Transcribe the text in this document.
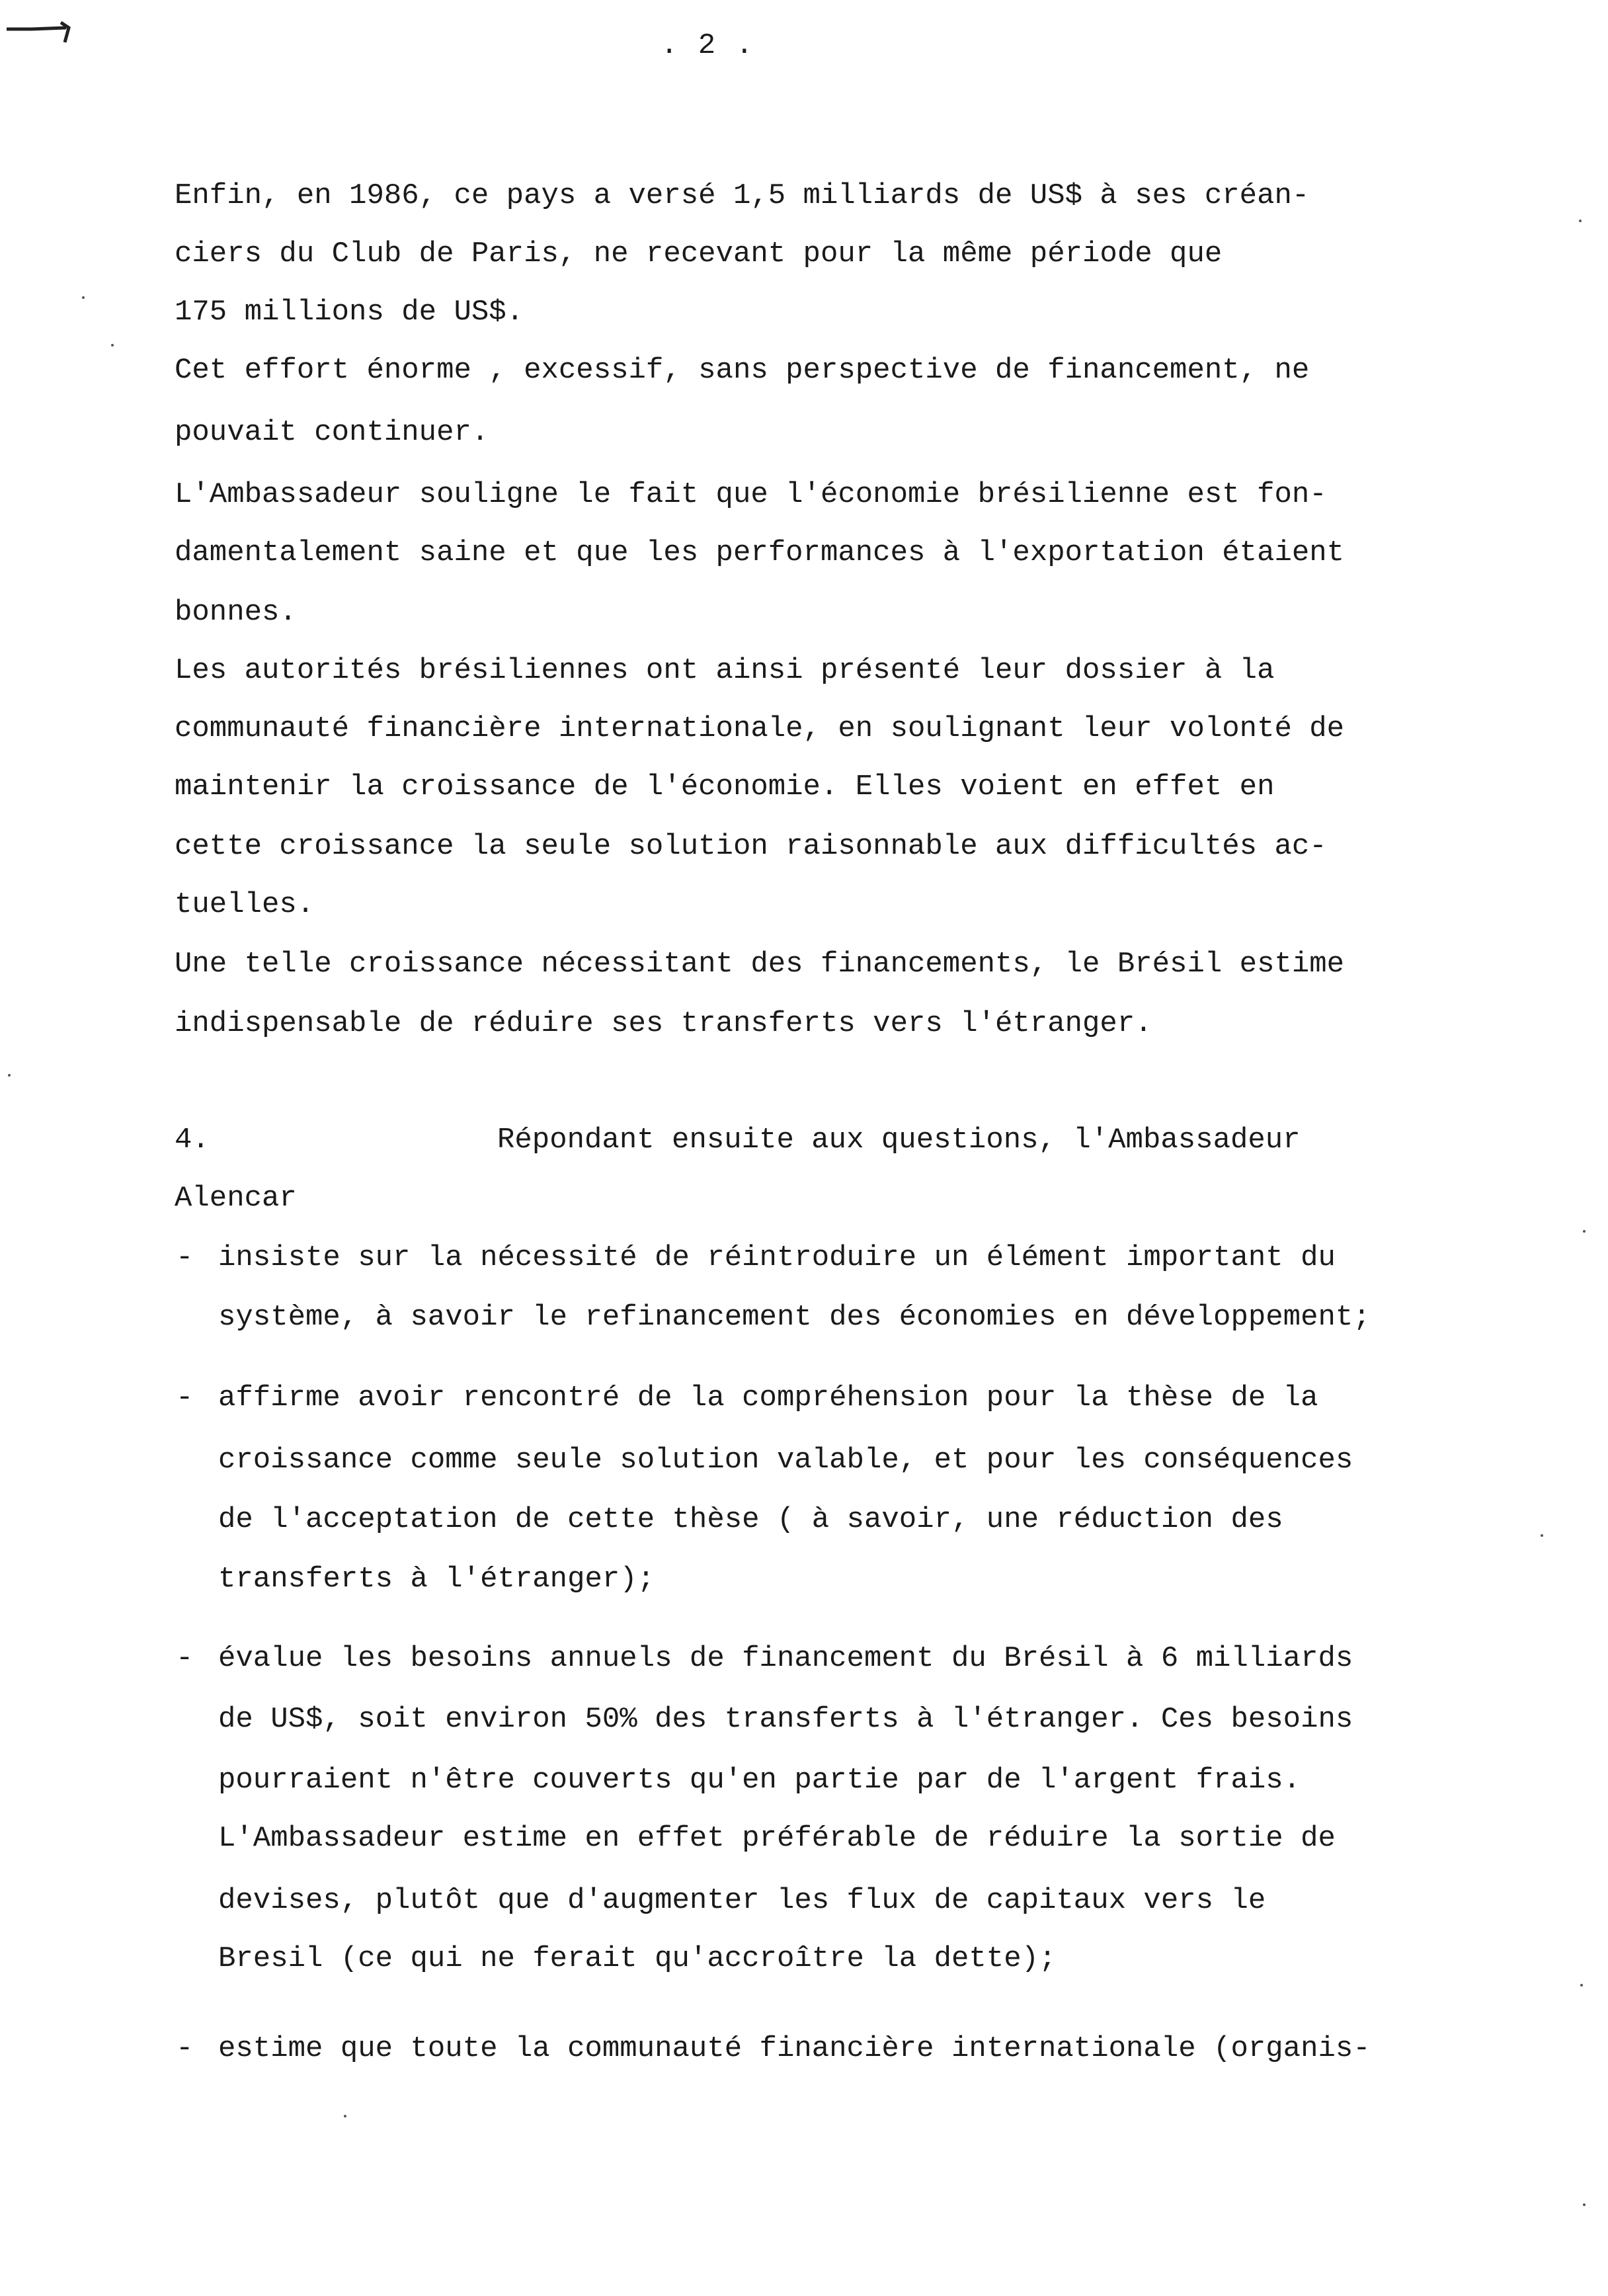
. 2 .
Enfin, en 1986, ce pays a versé 1,5 milliards de US$ à ses créan-
ciers du Club de Paris, ne recevant pour la même période que
175 millions de US$.
Cet effort énorme , excessif, sans perspective de financement, ne
pouvait continuer.
L'Ambassadeur souligne le fait que l'économie brésilienne est fon-
damentalement saine et que les performances à l'exportation étaient
bonnes.
Les autorités brésiliennes ont ainsi présenté leur dossier à la
communauté financière internationale, en soulignant leur volonté de
maintenir la croissance de l'économie. Elles voient en effet en
cette croissance la seule solution raisonnable aux difficultés ac-
tuelles.
Une telle croissance nécessitant des financements, le Brésil estime
indispensable de réduire ses transferts vers l'étranger.
4.	Répondant ensuite aux questions, l'Ambassadeur
Alencar
- insiste sur la nécessité de réintroduire un élément important du
système, à savoir le refinancement des économies en développement;
- affirme avoir rencontré de la compréhension pour la thèse de la
croissance comme seule solution valable, et pour les conséquences
de l'acceptation de cette thèse ( à savoir, une réduction des
transferts à l'étranger);
- évalue les besoins annuels de financement du Brésil à 6 milliards
de US$, soit environ 50% des transferts à l'étranger. Ces besoins
pourraient n'être couverts qu'en partie par de l'argent frais.
L'Ambassadeur estime en effet préférable de réduire la sortie de
devises, plutôt que d'augmenter les flux de capitaux vers le
Bresil (ce qui ne ferait qu'accroître la dette);
- estime que toute la communauté financière internationale (organis-
